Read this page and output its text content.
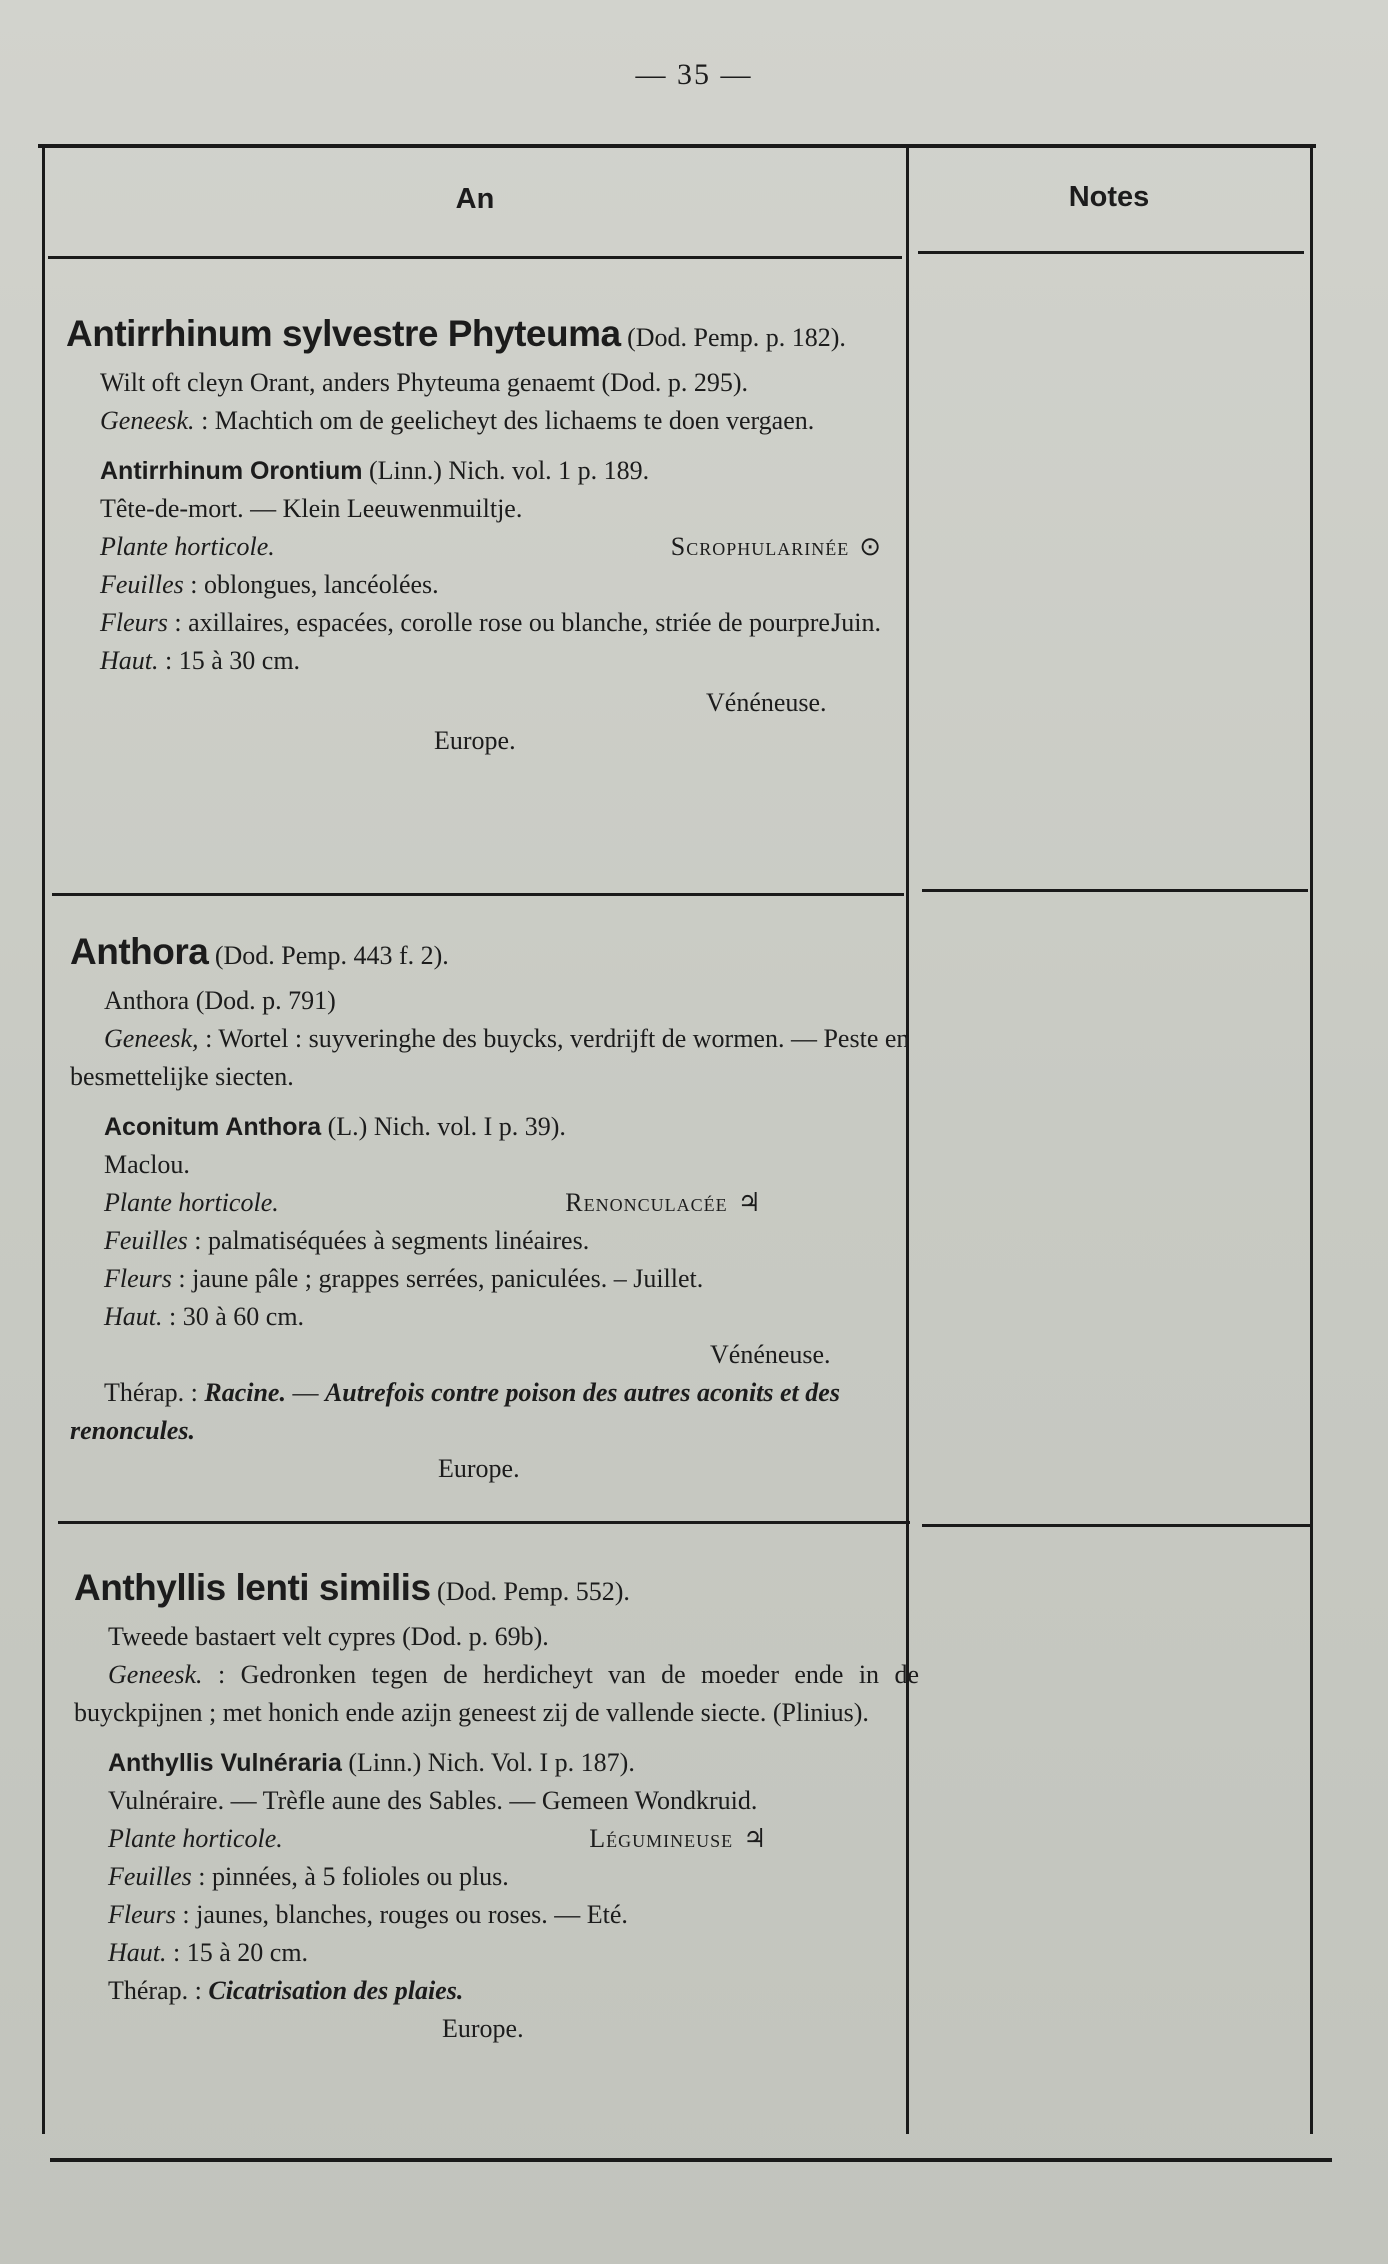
— 35 —
An	Notes

Antirrhinum sylvestre Phyteuma (Dod. Pemp. p. 182).

Wilt oft cleyn Orant, anders Phyteuma genaemt (Dod. p. 295).

Geneesk. : Machtich om de geelicheyt des lichaems te doen vergaen.

Antirrhinum Orontium (Linn.) Nich. vol. 1 p. 189.

Tête-de-mort. — Klein Leeuwenmuiltje.

Plante horticole.	Scrophularinée ⊙

Feuilles : oblongues, lancéolées.

Fleurs : axillaires, espacées, corolle rose ou blanche, striée de pourpre.

Juin.

Haut. : 15 à 30 cm.

Vénéneuse.

Europe.

Anthora (Dod. Pemp. 443 f. 2).

Anthora (Dod. p. 791)

Geneesk, : Wortel : suyveringhe des buycks, verdrijft de wormen. — Peste en besmettelijke siecten.

Aconitum Anthora (L.) Nich. vol. I p. 39).

Maclou.

Plante horticole.	Renonculacée ♃

Feuilles : palmatiséquées à segments linéaires.

Fleurs : jaune pâle ; grappes serrées, paniculées. – Juillet.

Haut. : 30 à 60 cm.

Vénéneuse.

Thérap. : Racine. — Autrefois contre poison des autres aconits et des renoncules.

Europe.

Anthyllis lenti similis (Dod. Pemp. 552).

Tweede bastaert velt cypres (Dod. p. 69b).

Geneesk. : Gedronken tegen de herdicheyt van de moeder ende in de buyckpijnen ; met honich ende azijn geneest zij de vallende siecte. (Plinius).

Anthyllis Vulnéraria (Linn.) Nich. Vol. I p. 187).

Vulnéraire. — Trèfle aune des Sables. — Gemeen Wondkruid.

Plante horticole.	Légumineuse ♃

Feuilles : pinnées, à 5 folioles ou plus.

Fleurs : jaunes, blanches, rouges ou roses. — Eté.

Haut. : 15 à 20 cm.

Thérap. : Cicatrisation des plaies.

Europe.
